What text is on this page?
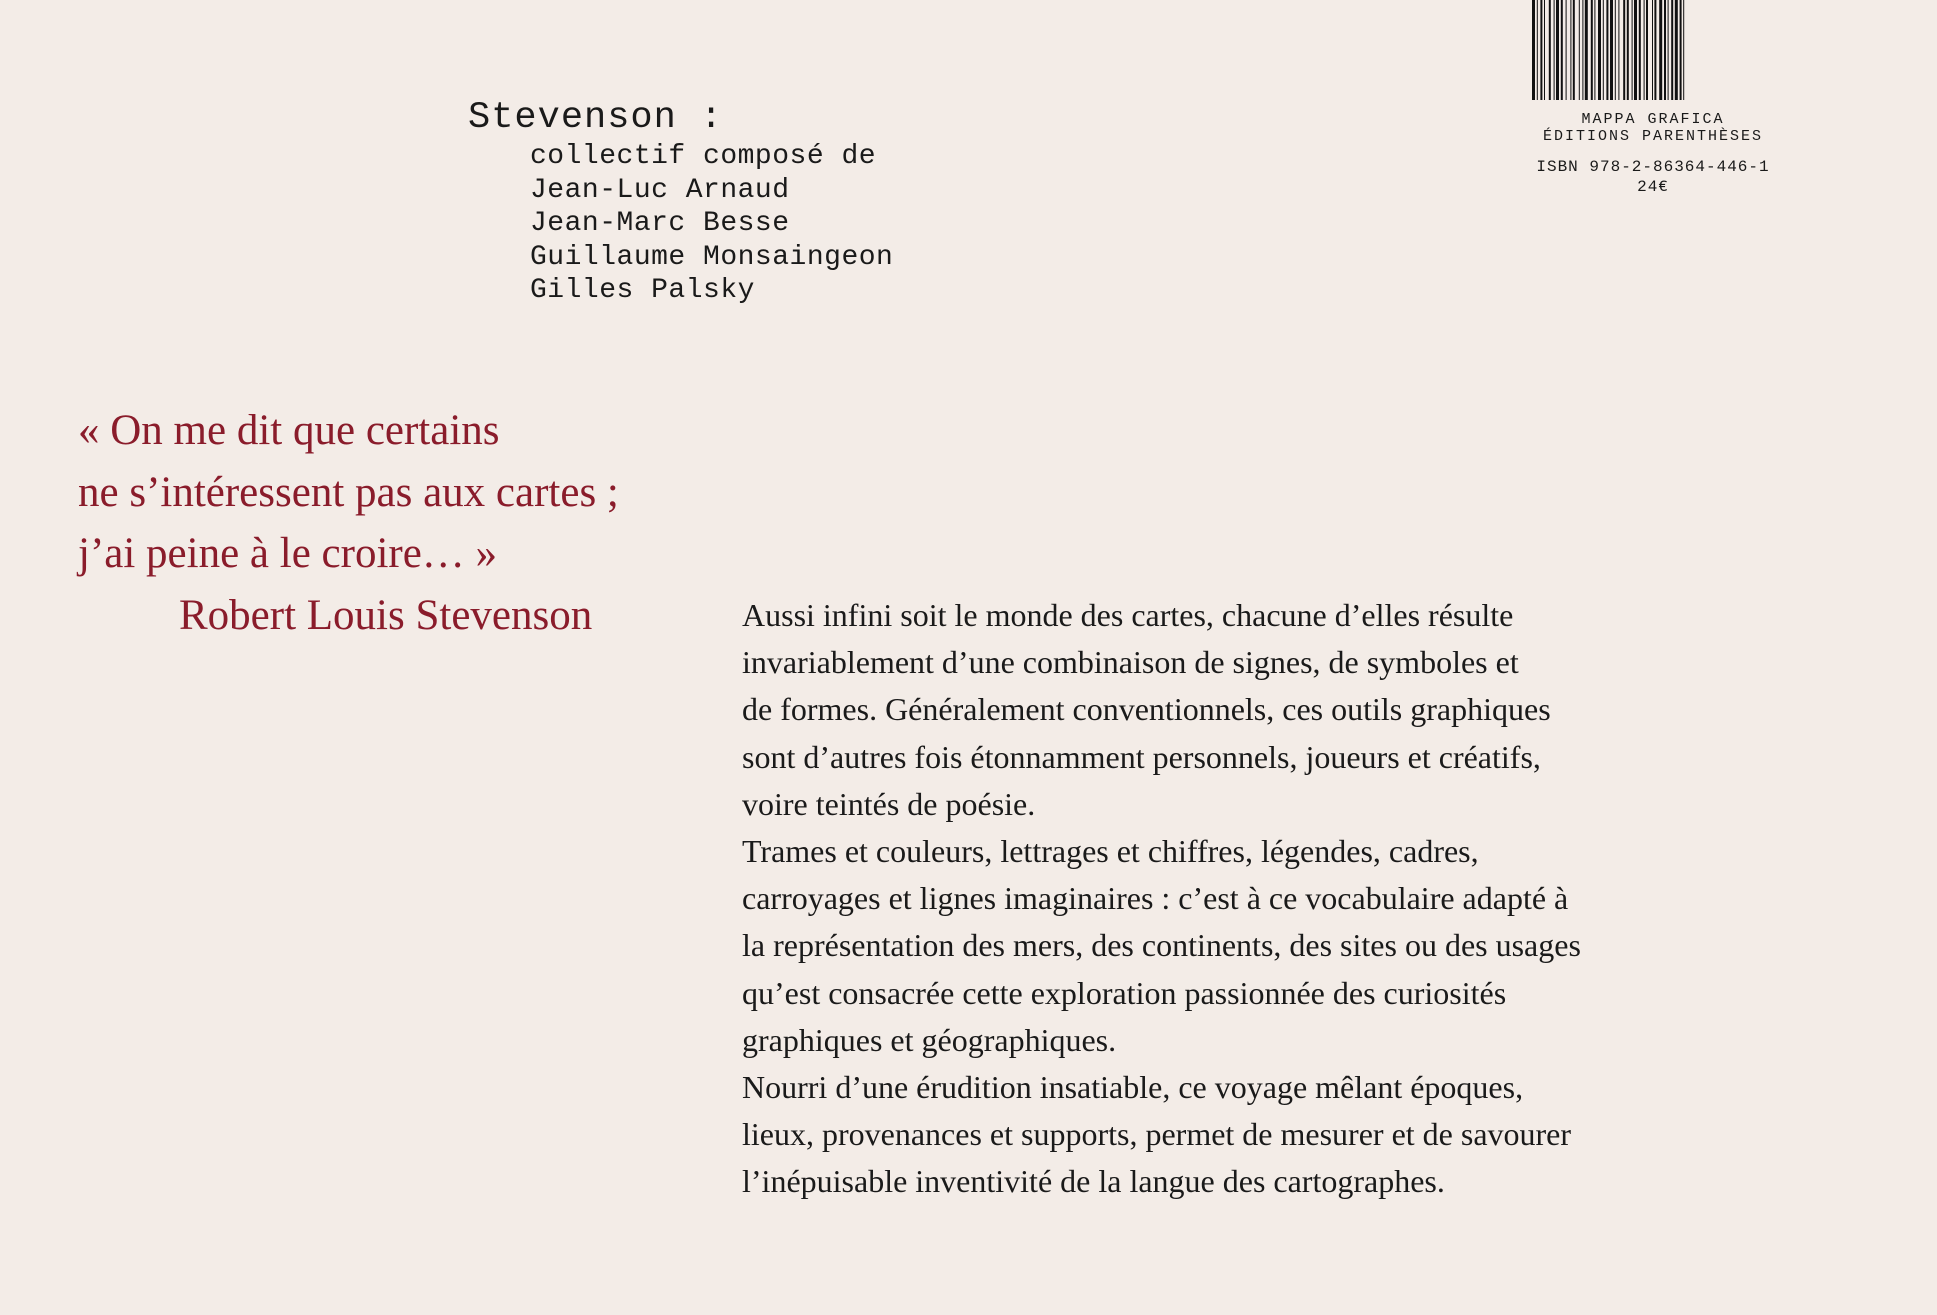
Stevenson :
collectif composé de
Jean-Luc Arnaud
Jean-Marc Besse
Guillaume Monsaingeon
Gilles Palsky
MAPPA GRAFICA
ÉDITIONS PARENTHÈSES
ISBN 978-2-86364-446-1
24€

« On me dit que certains

ne s’intéressent pas aux cartes ;

j’ai peine à le croire… »

Robert Louis Stevenson	Aussi infini soit le monde des cartes, chacune d’elles résulte

invariablement d’une combinaison de signes, de symboles et

de formes. Généralement conventionnels, ces outils graphiques

sont d’autres fois étonnamment personnels, joueurs et créatifs,

voire teintés de poésie.

Trames et couleurs, lettrages et chiffres, légendes, cadres,

carroyages et lignes imaginaires : c’est à ce vocabulaire adapté à

la représentation des mers, des continents, des sites ou des usages

qu’est consacrée cette exploration passionnée des curiosités

graphiques et géographiques.

Nourri d’une érudition insatiable, ce voyage mêlant époques,

lieux, provenances et supports, permet de mesurer et de savourer

l’inépuisable inventivité de la langue des cartographes.
